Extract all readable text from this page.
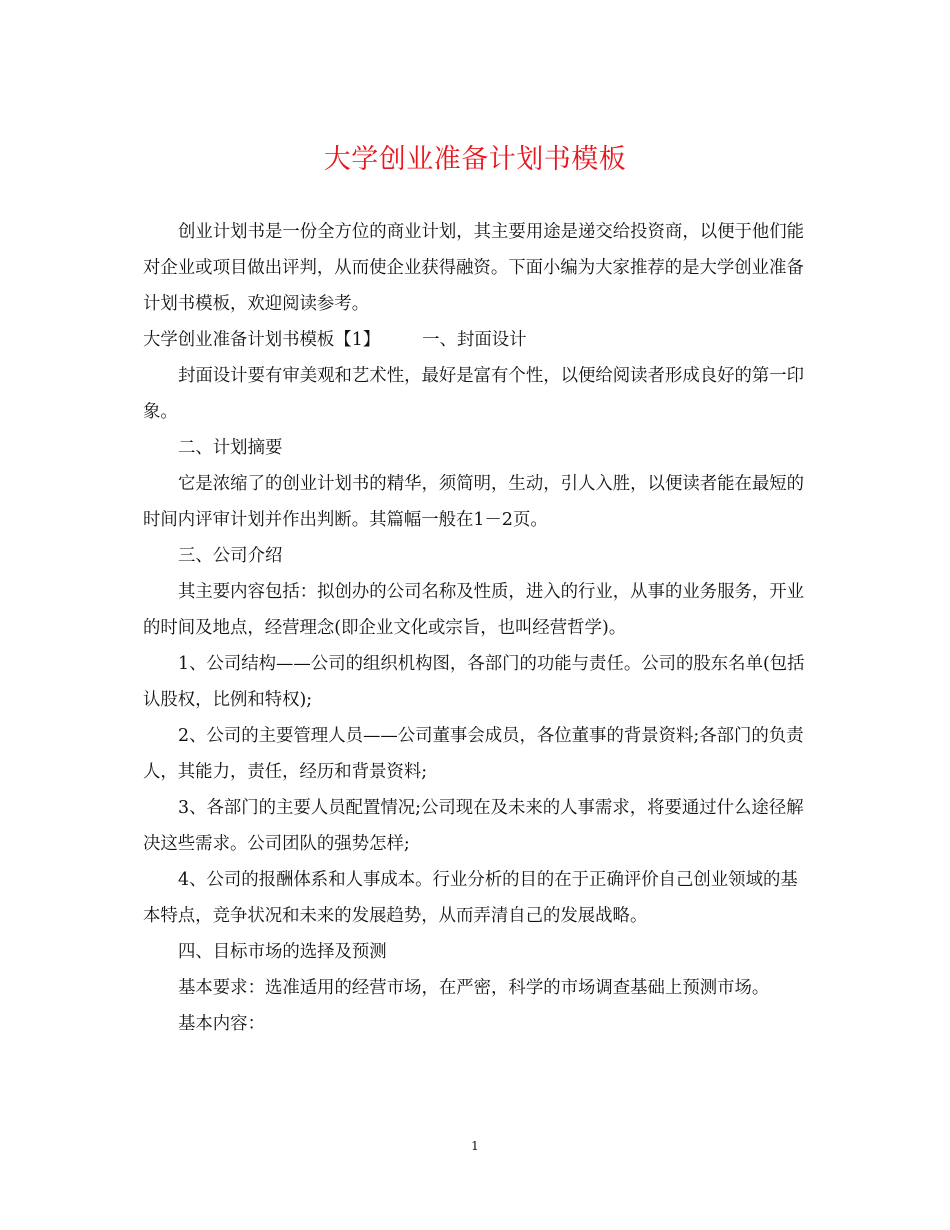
大学创业准备计划书模板

创业计划书是一份全方位的商业计划，其主要用途是递交给投资商，以便于他们能对企业或项目做出评判，从而使企业获得融资。下面小编为大家推荐的是大学创业准备计划书模板，欢迎阅读参考。

大学创业准备计划书模板【1】 一、封面设计

封面设计要有审美观和艺术性，最好是富有个性，以便给阅读者形成良好的第一印象。

二、计划摘要

它是浓缩了的创业计划书的精华，须简明，生动，引人入胜，以便读者能在最短的时间内评审计划并作出判断。其篇幅一般在1－2页。

三、公司介绍

其主要内容包括：拟创办的公司名称及性质，进入的行业，从事的业务服务，开业的时间及地点，经营理念(即企业文化或宗旨，也叫经营哲学)。

1、公司结构——公司的组织机构图，各部门的功能与责任。公司的股东名单(包括认股权，比例和特权);

2、公司的主要管理人员——公司董事会成员，各位董事的背景资料;各部门的负责人，其能力，责任，经历和背景资料;

3、各部门的主要人员配置情况;公司现在及未来的人事需求，将要通过什么途径解决这些需求。公司团队的强势怎样;

4、公司的报酬体系和人事成本。行业分析的目的在于正确评价自己创业领域的基本特点，竞争状况和未来的发展趋势，从而弄清自己的发展战略。

四、目标市场的选择及预测

基本要求：选准适用的经营市场，在严密，科学的市场调查基础上预测市场。

基本内容：

1
